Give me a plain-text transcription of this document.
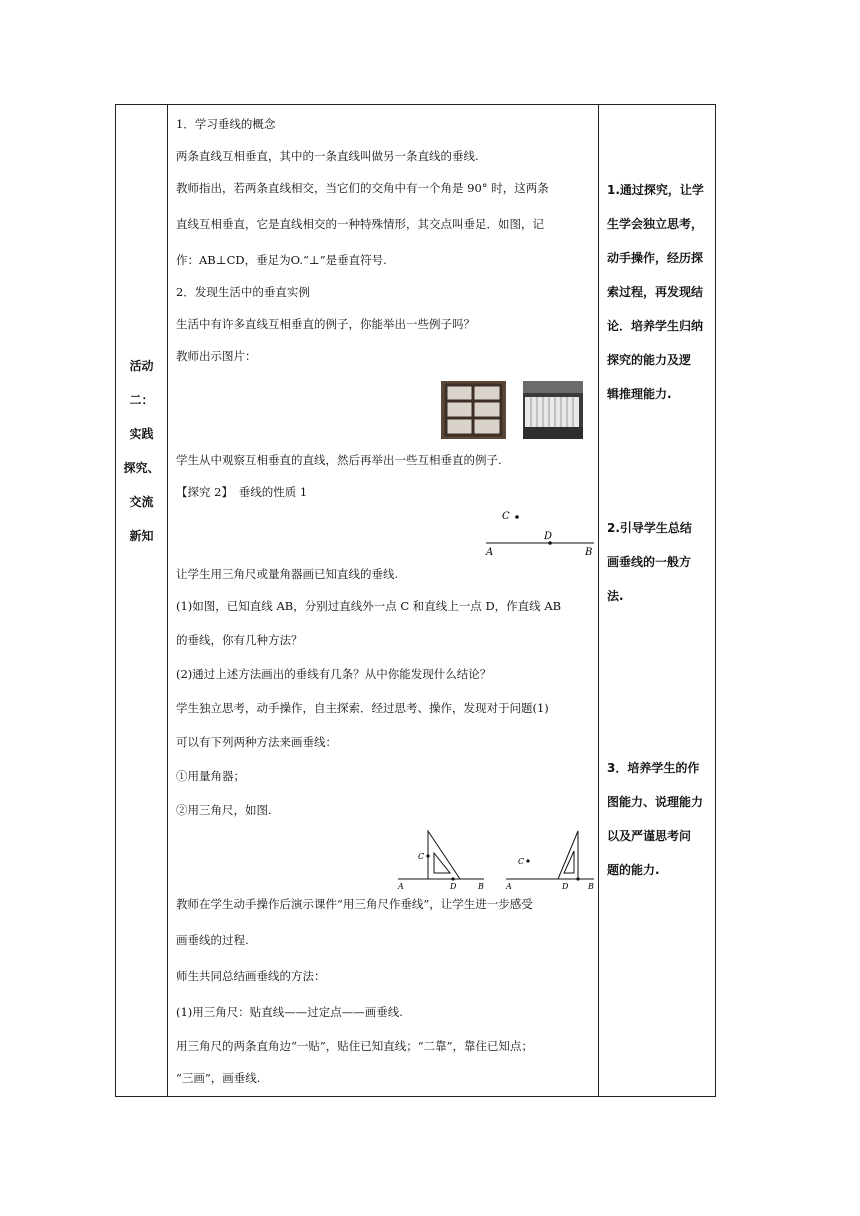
活动
二：
实践
探究、
交流
新知
1．学习垂线的概念
两条直线互相垂直，其中的一条直线叫做另一条直线的垂线.
教师指出，若两条直线相交，当它们的交角中有一个角是 90° 时，这两条
直线互相垂直，它是直线相交的一种特殊情形，其交点叫垂足．如图，记
作：AB⊥CD，垂足为O.“⊥”是垂直符号.
2．发现生活中的垂直实例
生活中有许多直线互相垂直的例子，你能举出一些例子吗？
教师出示图片：
学生从中观察互相垂直的直线，然后再举出一些互相垂直的例子.
【探究 2】　垂线的性质 1
C
D
A	B
让学生用三角尺或量角器画已知直线的垂线.
(1)如图，已知直线 AB，分别过直线外一点 C 和直线上一点 D，作直线 AB
的垂线，你有几种方法？
(2)通过上述方法画出的垂线有几条？从中你能发现什么结论？
学生独立思考，动手操作，自主探索．经过思考、操作，发现对于问题(1)
可以有下列两种方法来画垂线：
①用量角器；
②用三角尺，如图.
C
D
A	B
C
D
A	B
教师在学生动手操作后演示课件“用三角尺作垂线”，让学生进一步感受
画垂线的过程.
师生共同总结画垂线的方法：
(1)用三角尺：贴直线——过定点——画垂线.
用三角尺的两条直角边“一贴”，贴住已知直线；“二靠”，靠住已知点；
“三画”，画垂线.
1.通过探究，让学
生学会独立思考，
动手操作，经历探
索过程，再发现结
论．培养学生归纳
探究的能力及逻
辑推理能力.
2.引导学生总结
画垂线的一般方
法.
3．培养学生的作
图能力、说理能力
以及严谨思考问
题的能力.
